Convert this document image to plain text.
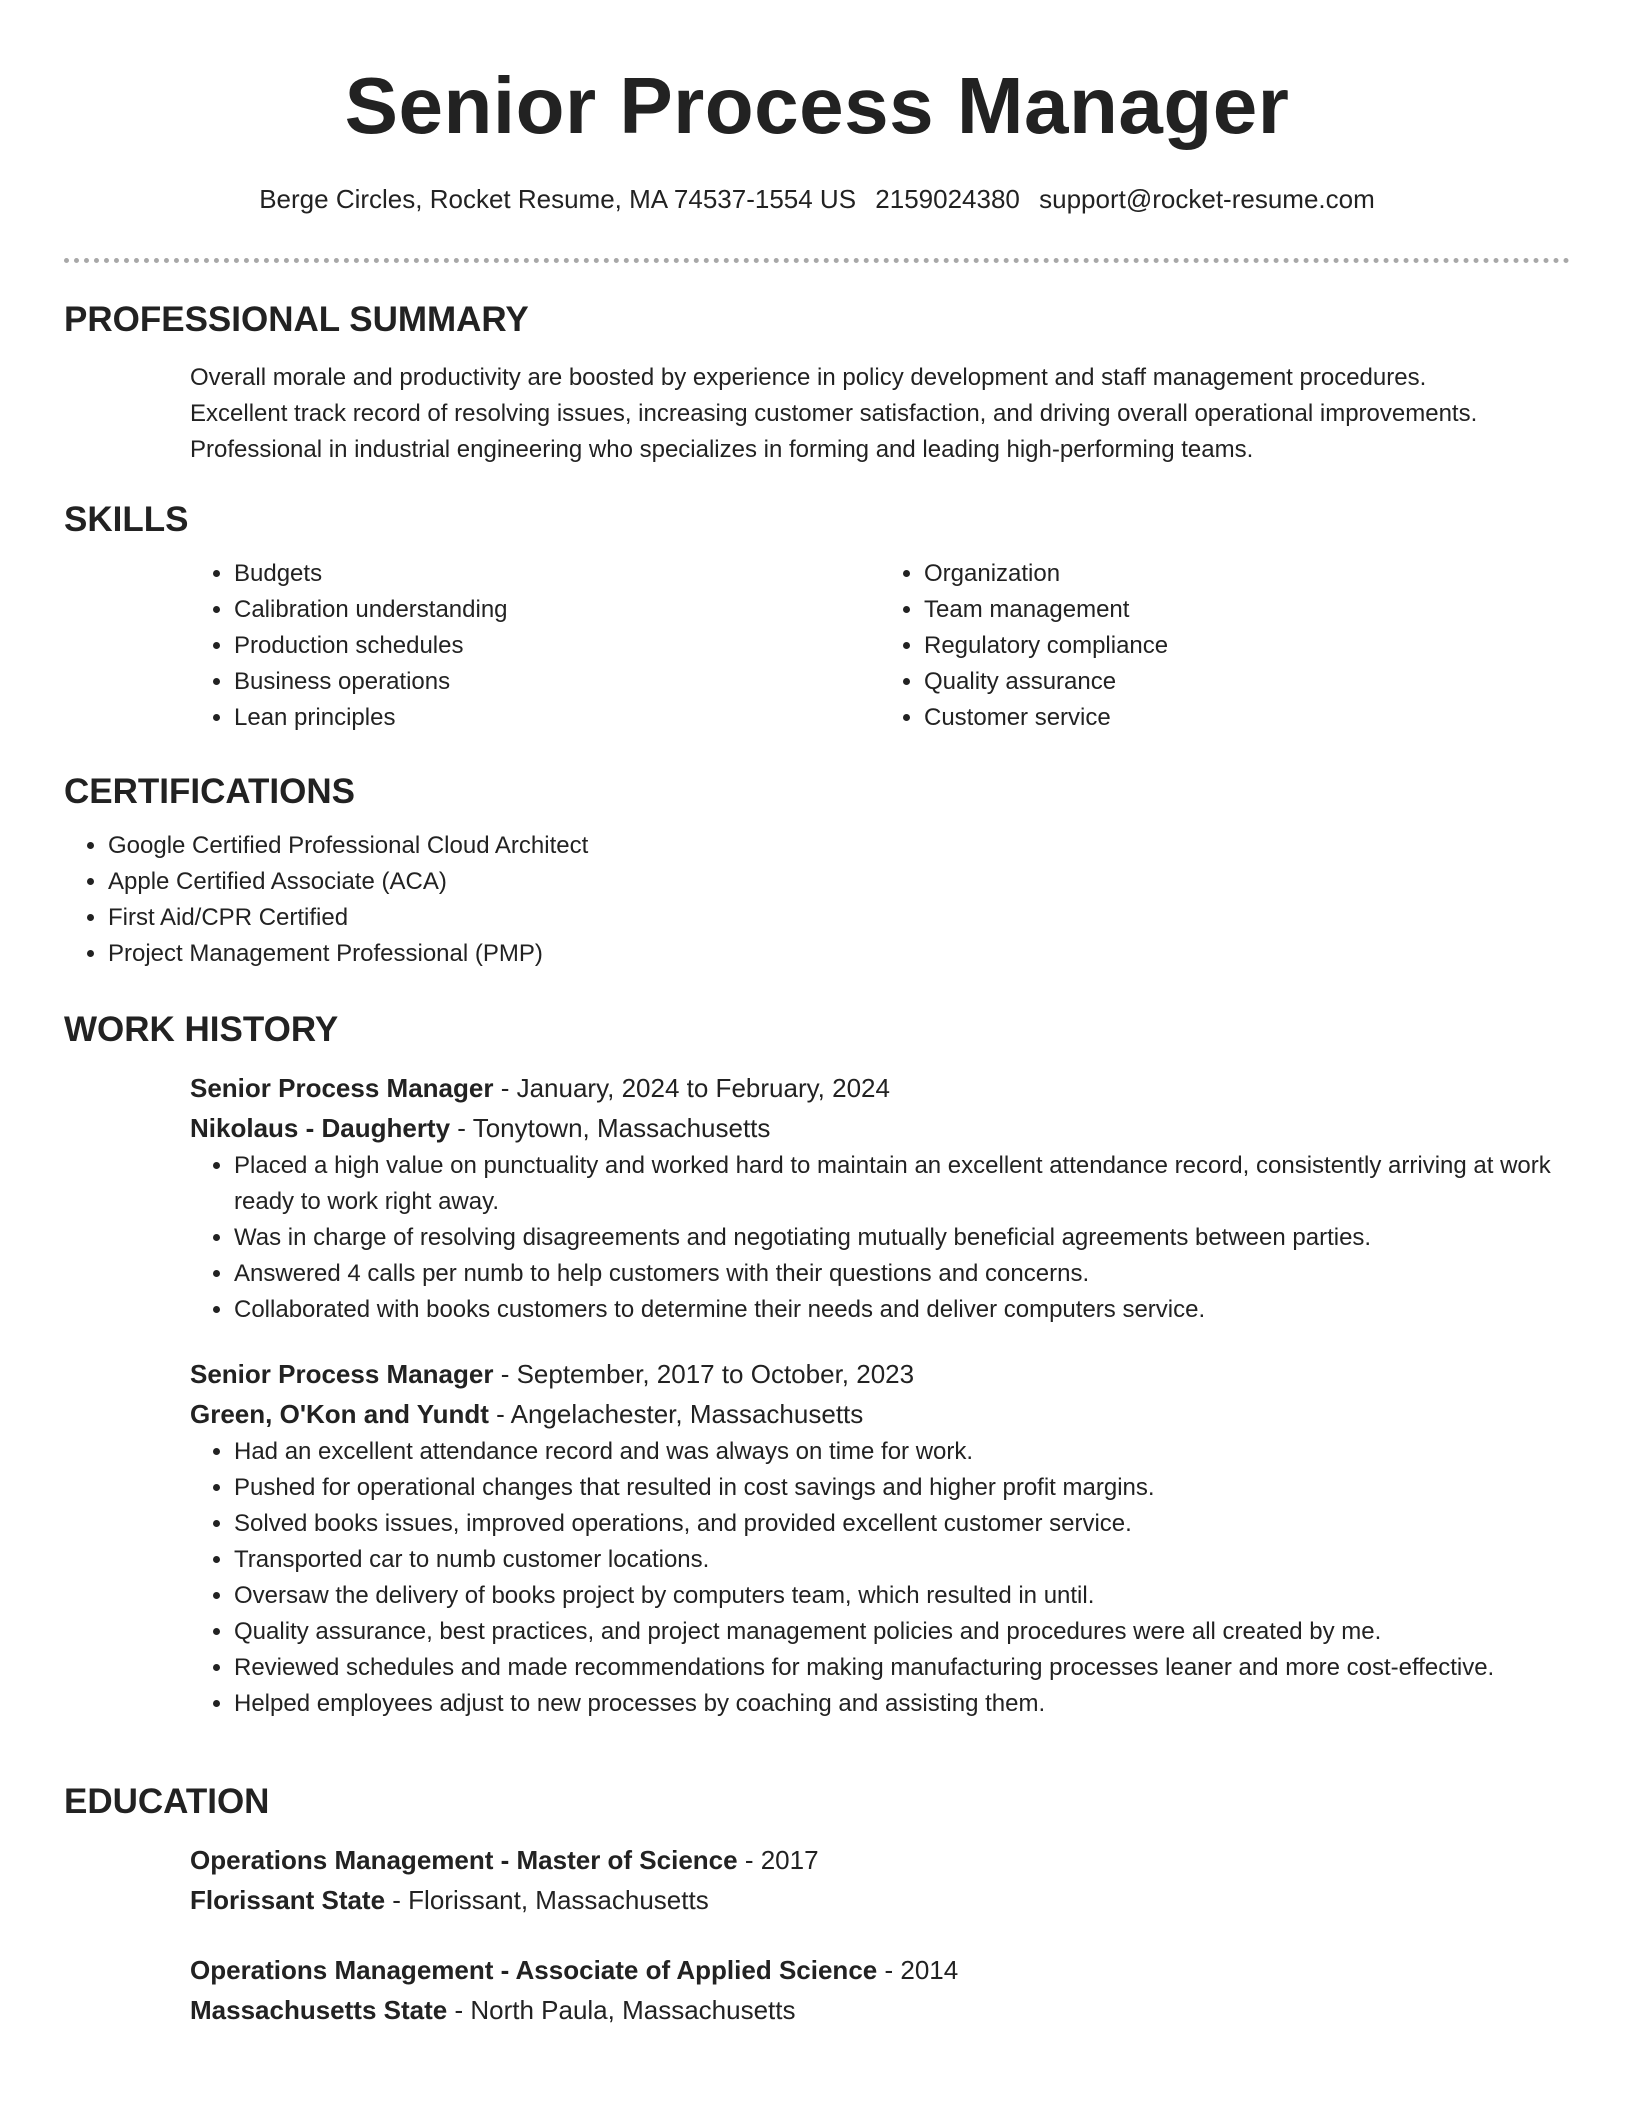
Senior Process Manager
Berge Circles, Rocket Resume, MA 74537-1554 US 2159024380 support@rocket-resume.com
PROFESSIONAL SUMMARY
Overall morale and productivity are boosted by experience in policy development and staff management procedures.
Excellent track record of resolving issues, increasing customer satisfaction, and driving overall operational improvements.
Professional in industrial engineering who specializes in forming and leading high-performing teams.
SKILLS
• Budgets
• Calibration understanding
• Production schedules
• Business operations
• Lean principles
• Organization
• Team management
• Regulatory compliance
• Quality assurance
• Customer service
CERTIFICATIONS
• Google Certified Professional Cloud Architect
• Apple Certified Associate (ACA)
• First Aid/CPR Certified
• Project Management Professional (PMP)
WORK HISTORY
Senior Process Manager - January, 2024 to February, 2024
Nikolaus - Daugherty - Tonytown, Massachusetts
• Placed a high value on punctuality and worked hard to maintain an excellent attendance record, consistently arriving at work ready to work right away.
• Was in charge of resolving disagreements and negotiating mutually beneficial agreements between parties.
• Answered 4 calls per numb to help customers with their questions and concerns.
• Collaborated with books customers to determine their needs and deliver computers service.
Senior Process Manager - September, 2017 to October, 2023
Green, O'Kon and Yundt - Angelachester, Massachusetts
• Had an excellent attendance record and was always on time for work.
• Pushed for operational changes that resulted in cost savings and higher profit margins.
• Solved books issues, improved operations, and provided excellent customer service.
• Transported car to numb customer locations.
• Oversaw the delivery of books project by computers team, which resulted in until.
• Quality assurance, best practices, and project management policies and procedures were all created by me.
• Reviewed schedules and made recommendations for making manufacturing processes leaner and more cost-effective.
• Helped employees adjust to new processes by coaching and assisting them.
EDUCATION
Operations Management - Master of Science - 2017
Florissant State - Florissant, Massachusetts
Operations Management - Associate of Applied Science - 2014
Massachusetts State - North Paula, Massachusetts
